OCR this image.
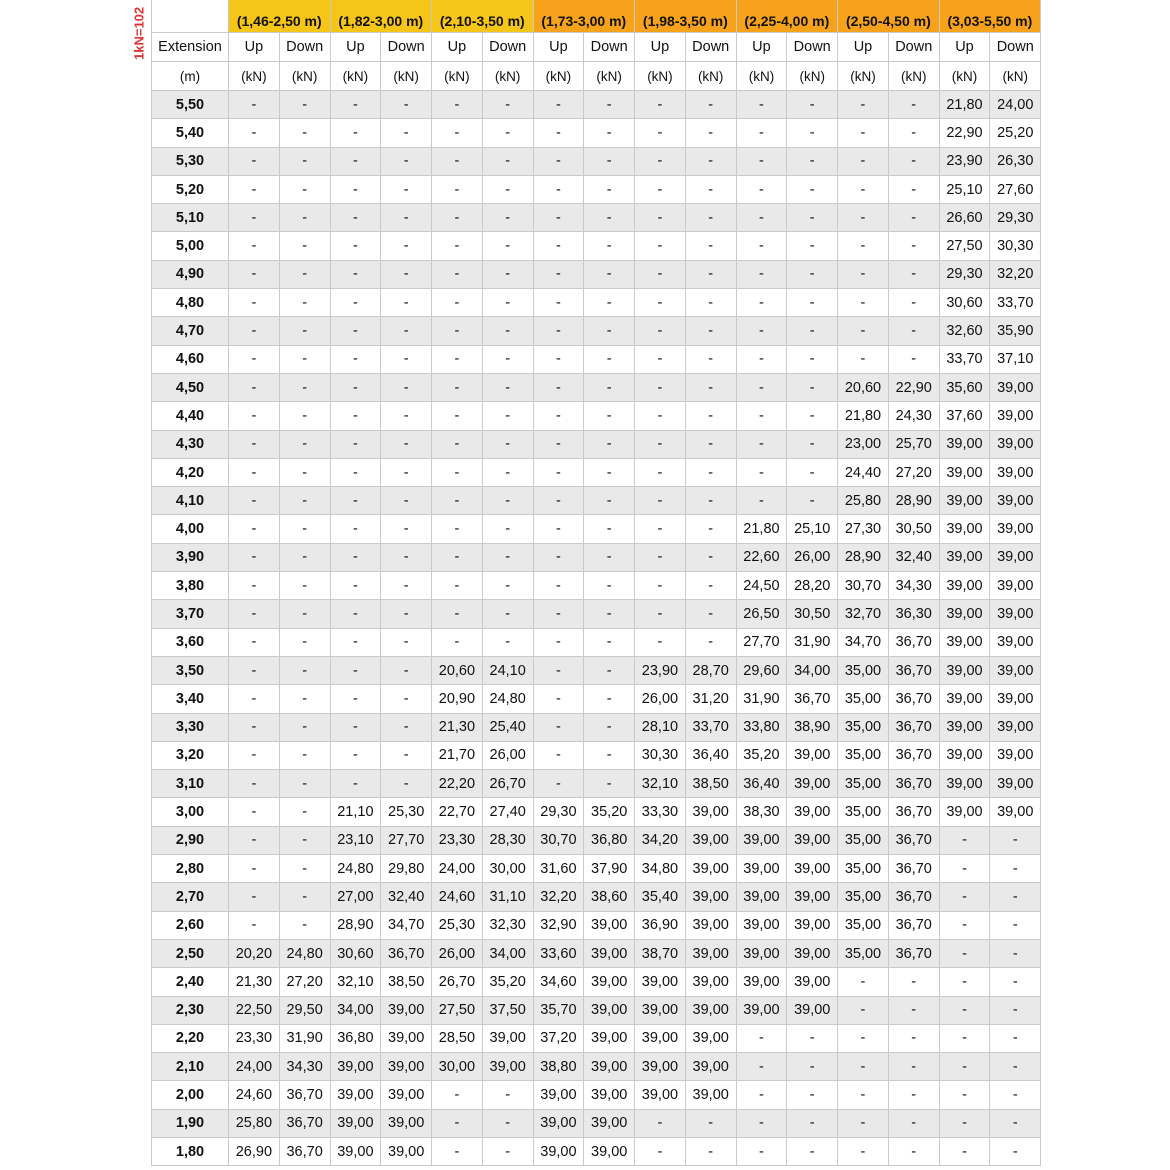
1kN=102
		(1,46-2,50 m)		(1,82-3,00 m)		(2,10-3,50 m)		(1,73-3,00 m)		(1,98-3,50 m)		(2,25-4,00 m)		(2,50-4,50 m)		(3,03-5,50 m)	
Extension	Up	Down	Up	Down	Up	Down	Up	Down	Up	Down	Up	Down	Up	Down	Up	Down
(m)	(kN)	(kN)	(kN)	(kN)	(kN)	(kN)	(kN)	(kN)	(kN)	(kN)	(kN)	(kN)	(kN)	(kN)	(kN)	(kN)
5,50	-	-	-	-	-	-	-	-	-	-	-	-	-	-	21,80	24,00
5,40	-	-	-	-	-	-	-	-	-	-	-	-	-	-	22,90	25,20
5,30	-	-	-	-	-	-	-	-	-	-	-	-	-	-	23,90	26,30
5,20	-	-	-	-	-	-	-	-	-	-	-	-	-	-	25,10	27,60
5,10	-	-	-	-	-	-	-	-	-	-	-	-	-	-	26,60	29,30
5,00	-	-	-	-	-	-	-	-	-	-	-	-	-	-	27,50	30,30
4,90	-	-	-	-	-	-	-	-	-	-	-	-	-	-	29,30	32,20
4,80	-	-	-	-	-	-	-	-	-	-	-	-	-	-	30,60	33,70
4,70	-	-	-	-	-	-	-	-	-	-	-	-	-	-	32,60	35,90
4,60	-	-	-	-	-	-	-	-	-	-	-	-	-	-	33,70	37,10
4,50	-	-	-	-	-	-	-	-	-	-	-	-	20,60	22,90	35,60	39,00
4,40	-	-	-	-	-	-	-	-	-	-	-	-	21,80	24,30	37,60	39,00
4,30	-	-	-	-	-	-	-	-	-	-	-	-	23,00	25,70	39,00	39,00
4,20	-	-	-	-	-	-	-	-	-	-	-	-	24,40	27,20	39,00	39,00
4,10	-	-	-	-	-	-	-	-	-	-	-	-	25,80	28,90	39,00	39,00
4,00	-	-	-	-	-	-	-	-	-	-	21,80	25,10	27,30	30,50	39,00	39,00
3,90	-	-	-	-	-	-	-	-	-	-	22,60	26,00	28,90	32,40	39,00	39,00
3,80	-	-	-	-	-	-	-	-	-	-	24,50	28,20	30,70	34,30	39,00	39,00
3,70	-	-	-	-	-	-	-	-	-	-	26,50	30,50	32,70	36,30	39,00	39,00
3,60	-	-	-	-	-	-	-	-	-	-	27,70	31,90	34,70	36,70	39,00	39,00
3,50	-	-	-	-	20,60	24,10	-	-	23,90	28,70	29,60	34,00	35,00	36,70	39,00	39,00
3,40	-	-	-	-	20,90	24,80	-	-	26,00	31,20	31,90	36,70	35,00	36,70	39,00	39,00
3,30	-	-	-	-	21,30	25,40	-	-	28,10	33,70	33,80	38,90	35,00	36,70	39,00	39,00
3,20	-	-	-	-	21,70	26,00	-	-	30,30	36,40	35,20	39,00	35,00	36,70	39,00	39,00
3,10	-	-	-	-	22,20	26,70	-	-	32,10	38,50	36,40	39,00	35,00	36,70	39,00	39,00
3,00	-	-	21,10	25,30	22,70	27,40	29,30	35,20	33,30	39,00	38,30	39,00	35,00	36,70	39,00	39,00
2,90	-	-	23,10	27,70	23,30	28,30	30,70	36,80	34,20	39,00	39,00	39,00	35,00	36,70	-	-
2,80	-	-	24,80	29,80	24,00	30,00	31,60	37,90	34,80	39,00	39,00	39,00	35,00	36,70	-	-
2,70	-	-	27,00	32,40	24,60	31,10	32,20	38,60	35,40	39,00	39,00	39,00	35,00	36,70	-	-
2,60	-	-	28,90	34,70	25,30	32,30	32,90	39,00	36,90	39,00	39,00	39,00	35,00	36,70	-	-
2,50	20,20	24,80	30,60	36,70	26,00	34,00	33,60	39,00	38,70	39,00	39,00	39,00	35,00	36,70	-	-
2,40	21,30	27,20	32,10	38,50	26,70	35,20	34,60	39,00	39,00	39,00	39,00	39,00	-	-	-	-
2,30	22,50	29,50	34,00	39,00	27,50	37,50	35,70	39,00	39,00	39,00	39,00	39,00	-	-	-	-
2,20	23,30	31,90	36,80	39,00	28,50	39,00	37,20	39,00	39,00	39,00	-	-	-	-	-	-
2,10	24,00	34,30	39,00	39,00	30,00	39,00	38,80	39,00	39,00	39,00	-	-	-	-	-	-
2,00	24,60	36,70	39,00	39,00	-	-	39,00	39,00	39,00	39,00	-	-	-	-	-	-
1,90	25,80	36,70	39,00	39,00	-	-	39,00	39,00	-	-	-	-	-	-	-	-
1,80	26,90	36,70	39,00	39,00	-	-	39,00	39,00	-	-	-	-	-	-	-	-
